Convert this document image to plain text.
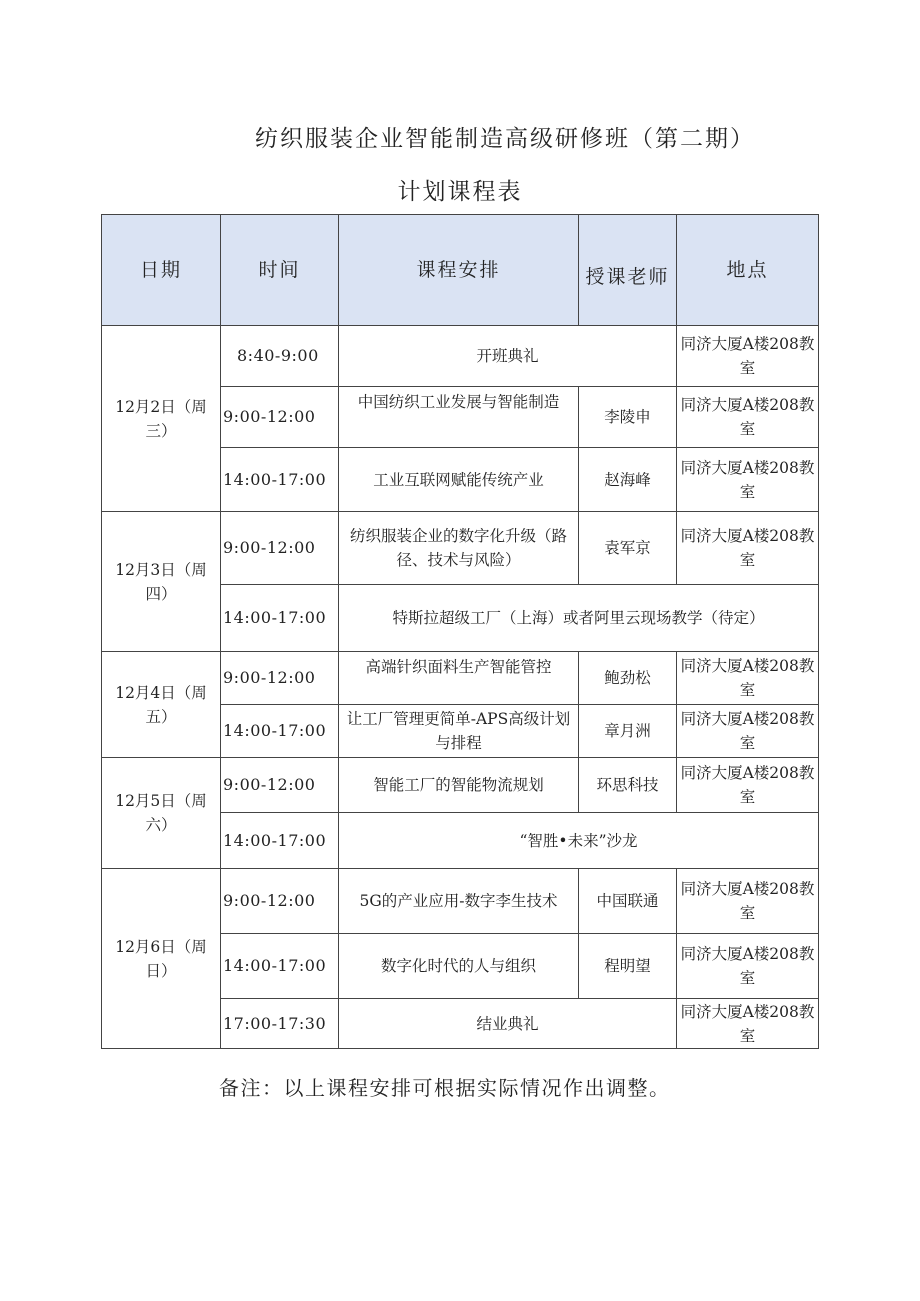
纺织服装企业智能制造高级研修班（第二期）
计划课程表
日期	时间	课程安排	授课老师	地点
12月2日（周三）	8:40-9:00	开班典礼		同济大厦A楼208教室
	9:00-12:00	中国纺织工业发展与智能制造	李陵申	同济大厦A楼208教室
	14:00-17:00	工业互联网赋能传统产业	赵海峰	同济大厦A楼208教室
12月3日（周四）	9:00-12:00	纺织服装企业的数字化升级（路径、技术与风险）	袁军京	同济大厦A楼208教室
	14:00-17:00	特斯拉超级工厂（上海）或者阿里云现场教学（待定）		
12月4日（周五）	9:00-12:00	高端针织面料生产智能管控	鲍劲松	同济大厦A楼208教室
	14:00-17:00	让工厂管理更简单-APS高级计划与排程	章月洲	同济大厦A楼208教室
12月5日（周六）	9:00-12:00	智能工厂的智能物流规划	环思科技	同济大厦A楼208教室
	14:00-17:00	“智胜•未来”沙龙		
12月6日（周日）	9:00-12:00	5G的产业应用-数字李生技术	中国联通	同济大厦A楼208教室
	14:00-17:00	数字化时代的人与组织	程明望	同济大厦A楼208教室
	17:00-17:30	结业典礼		同济大厦A楼208教室
备注：以上课程安排可根据实际情况作出调整。
